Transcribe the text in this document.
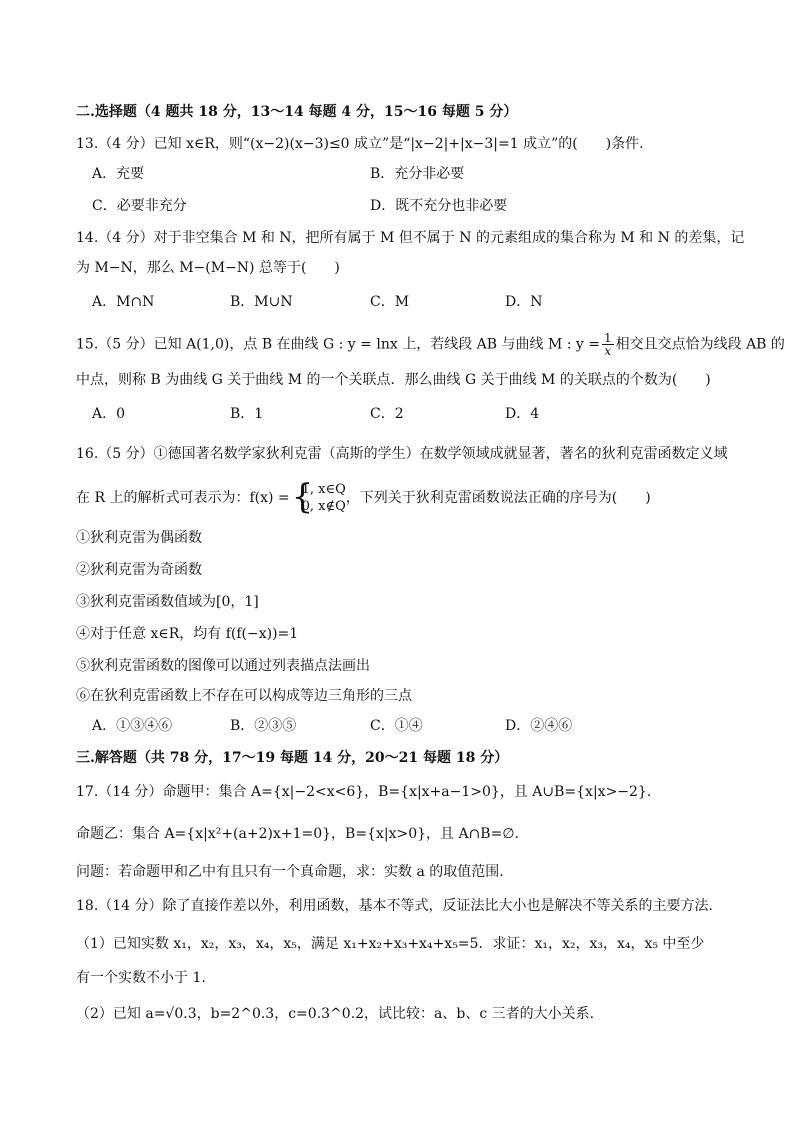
二.选择题（4 题共 18 分，13～14 每题 4 分，15～16 每题 5 分）
13.（4 分）已知 x∈R，则“(x−2)(x−3)≤0 成立”是“|x−2|+|x−3|=1 成立”的(　　)条件.
A．充要	B．充分非必要
C．必要非充分	D．既不充分也非必要
14.（4 分）对于非空集合 M 和 N，把所有属于 M 但不属于 N 的元素组成的集合称为 M 和 N 的差集，记
为 M−N，那么 M−(M−N) 总等于(　　)
A．M∩N	B．M∪N	C．M	D．N
15.（5 分）已知 A(1,0)，点 B 在曲线 G : y = lnx 上，若线段 AB 与曲线 M : $y = \frac{1}{x}$ 相交且交点恰为线段 AB 的
中点，则称 B 为曲线 G 关于曲线 M 的一个关联点．那么曲线 G 关于曲线 M 的关联点的个数为(　　)
A．0	B．1	C．2	D．4
16.（5 分）①德国著名数学家狄利克雷（高斯的学生）在数学领域成就显著，著名的狄利克雷函数定义域
在 R 上的解析式可表示为：f(x) = {
1, x∈Q
0, x∉Q
，下列关于狄利克雷函数说法正确的序号为(　　)
①狄利克雷为偶函数
②狄利克雷为奇函数
③狄利克雷函数值域为[0，1]
④对于任意 x∈R，均有 f(f(−x))=1
⑤狄利克雷函数的图像可以通过列表描点法画出
⑥在狄利克雷函数上不存在可以构成等边三角形的三点
A．①③④⑥	B．②③⑤	C．①④	D．②④⑥
三.解答题（共 78 分，17～19 每题 14 分，20～21 每题 18 分）
17.（14 分）命题甲：集合 A={x|−2<x<6}，B={x|x+a−1>0}，且 A∪B={x|x>−2}．
命题乙：集合 A={x|x²+(a+2)x+1=0}，B={x|x>0}，且 A∩B=∅．
问题：若命题甲和乙中有且只有一个真命题，求：实数 a 的取值范围.
18.（14 分）除了直接作差以外，利用函数，基本不等式，反证法比大小也是解决不等关系的主要方法.
（1）已知实数 x₁，x₂，x₃，x₄，x₅，满足 x₁+x₂+x₃+x₄+x₅=5．求证：x₁，x₂，x₃，x₄，x₅ 中至少
有一个实数不小于 1.
（2）已知 a=√0.3，b=2^0.3，c=0.3^0.2，试比较：a、b、c 三者的大小关系.
